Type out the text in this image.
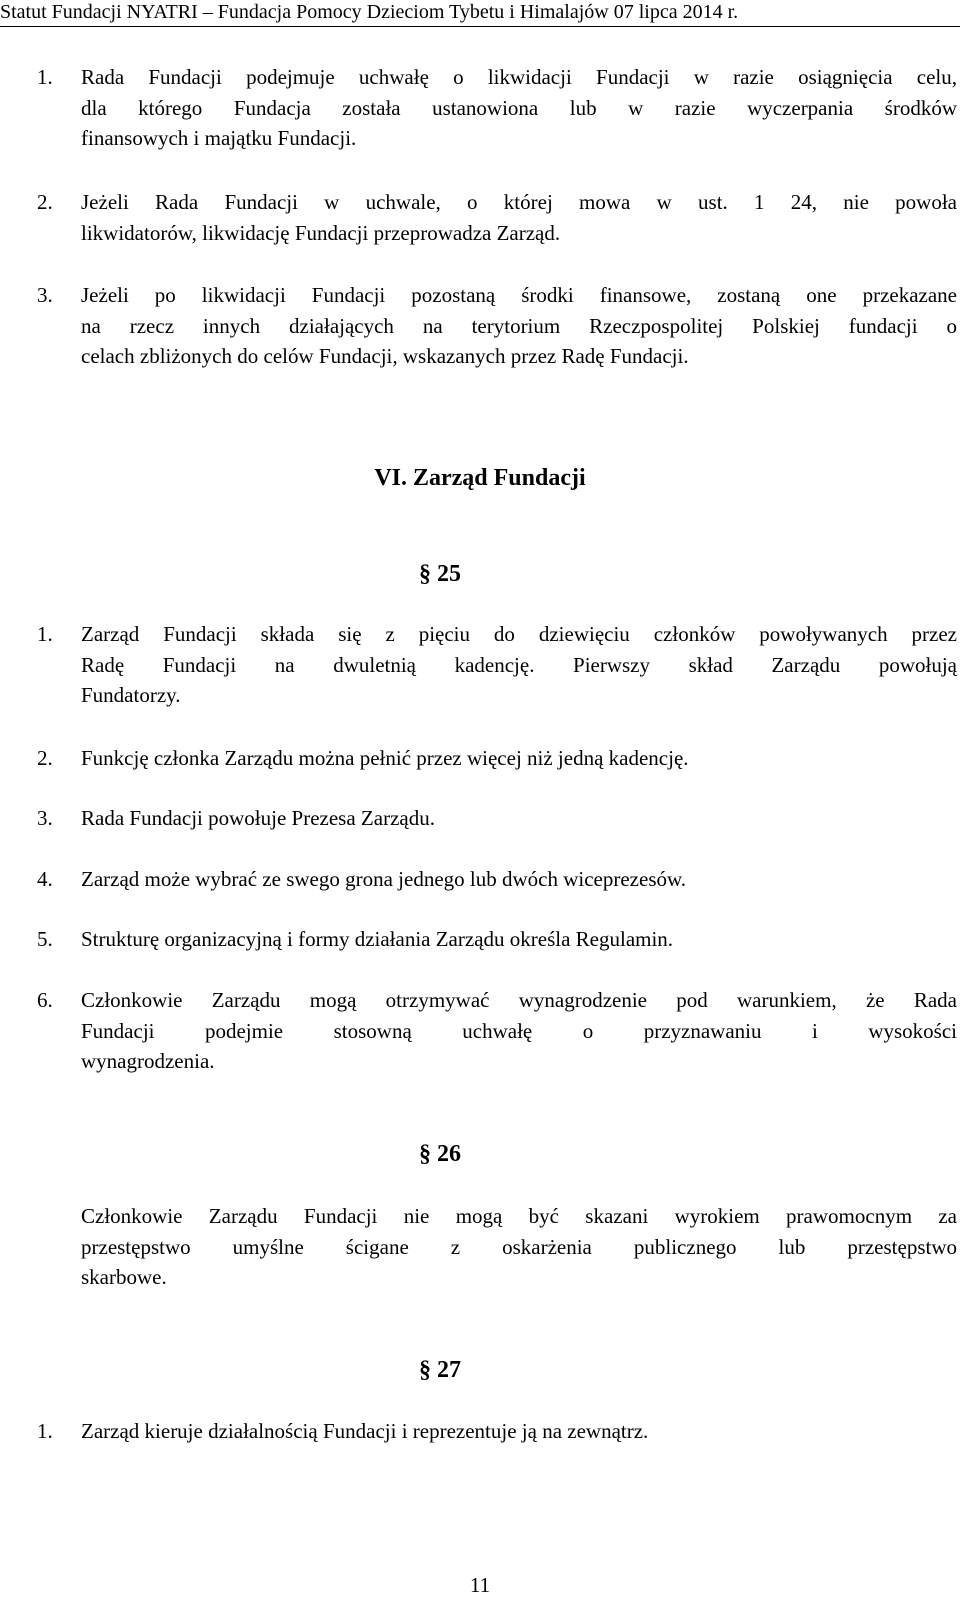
Statut Fundacji NYATRI – Fundacja Pomocy Dzieciom Tybetu i Himalajów 07 lipca 2014 r.
1. Rada Fundacji podejmuje uchwałę o likwidacji Fundacji w razie osiągnięcia celu,
dla którego Fundacja została ustanowiona lub w razie wyczerpania środków
finansowych i majątku Fundacji.
2. Jeżeli Rada Fundacji w uchwale, o której mowa w ust. 1 24, nie powoła
likwidatorów, likwidację Fundacji przeprowadza Zarząd.
3. Jeżeli po likwidacji Fundacji pozostaną środki finansowe, zostaną one przekazane
na rzecz innych działających na terytorium Rzeczpospolitej Polskiej fundacji o
celach zbliżonych do celów Fundacji, wskazanych przez Radę Fundacji.
VI. Zarząd Fundacji
§ 25
1. Zarząd Fundacji składa się z pięciu do dziewięciu członków powoływanych przez
Radę Fundacji na dwuletnią kadencję. Pierwszy skład Zarządu powołują
Fundatorzy.
2. Funkcję członka Zarządu można pełnić przez więcej niż jedną kadencję.
3. Rada Fundacji powołuje Prezesa Zarządu.
4. Zarząd może wybrać ze swego grona jednego lub dwóch wiceprezesów.
5. Strukturę organizacyjną i formy działania Zarządu określa Regulamin.
6. Członkowie Zarządu mogą otrzymywać wynagrodzenie pod warunkiem, że Rada
Fundacji podejmie stosowną uchwałę o przyznawaniu i wysokości
wynagrodzenia.
§ 26
Członkowie Zarządu Fundacji nie mogą być skazani wyrokiem prawomocnym za
przestępstwo umyślne ścigane z oskarżenia publicznego lub przestępstwo
skarbowe.
§ 27
1. Zarząd kieruje działalnością Fundacji i reprezentuje ją na zewnątrz.
11
